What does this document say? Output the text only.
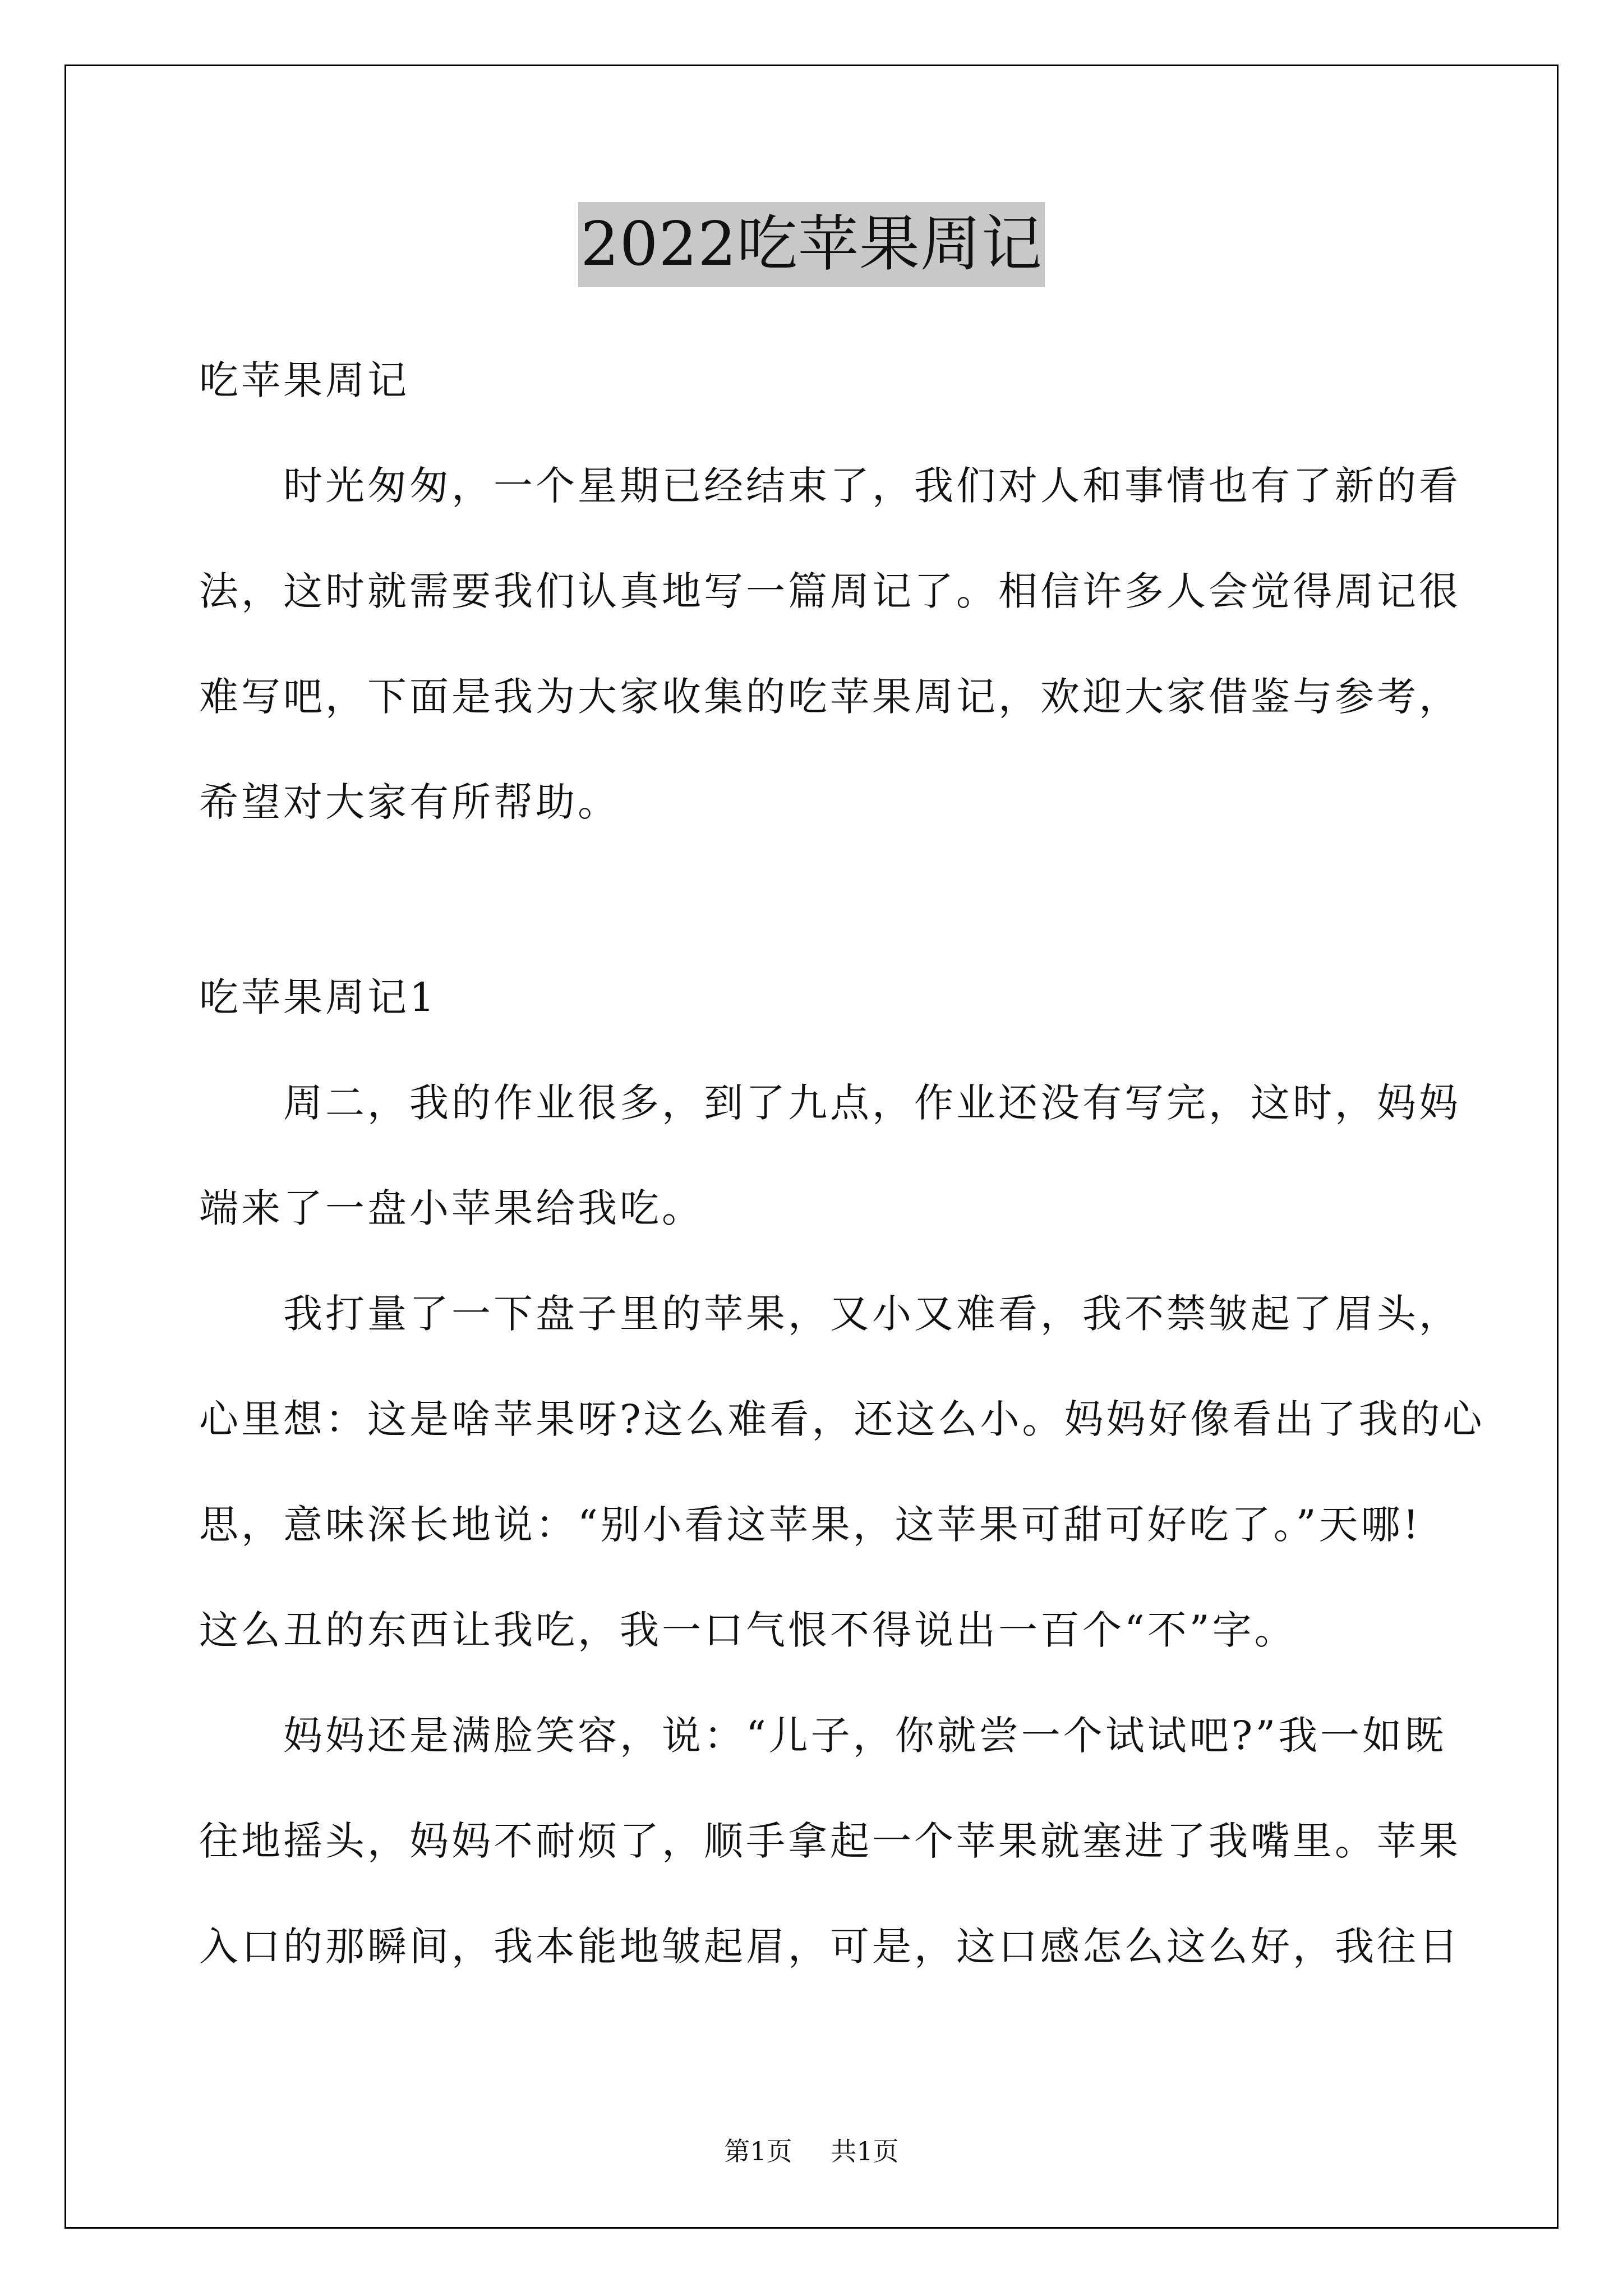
2022吃苹果周记
吃苹果周记
时光匆匆，一个星期已经结束了，我们对人和事情也有了新的看
法，这时就需要我们认真地写一篇周记了。相信许多人会觉得周记很
难写吧，下面是我为大家收集的吃苹果周记，欢迎大家借鉴与参考，
希望对大家有所帮助。
吃苹果周记1
周二，我的作业很多，到了九点，作业还没有写完，这时，妈妈
端来了一盘小苹果给我吃。
我打量了一下盘子里的苹果，又小又难看，我不禁皱起了眉头，
心里想：这是啥苹果呀?这么难看，还这么小。妈妈好像看出了我的心
思，意味深长地说：“别小看这苹果，这苹果可甜可好吃了。”天哪!
这么丑的东西让我吃，我一口气恨不得说出一百个“不”字。
妈妈还是满脸笑容，说：“儿子，你就尝一个试试吧?”我一如既
往地摇头，妈妈不耐烦了，顺手拿起一个苹果就塞进了我嘴里。苹果
入口的那瞬间，我本能地皱起眉，可是，这口感怎么这么好，我往日
第1页 共1页
